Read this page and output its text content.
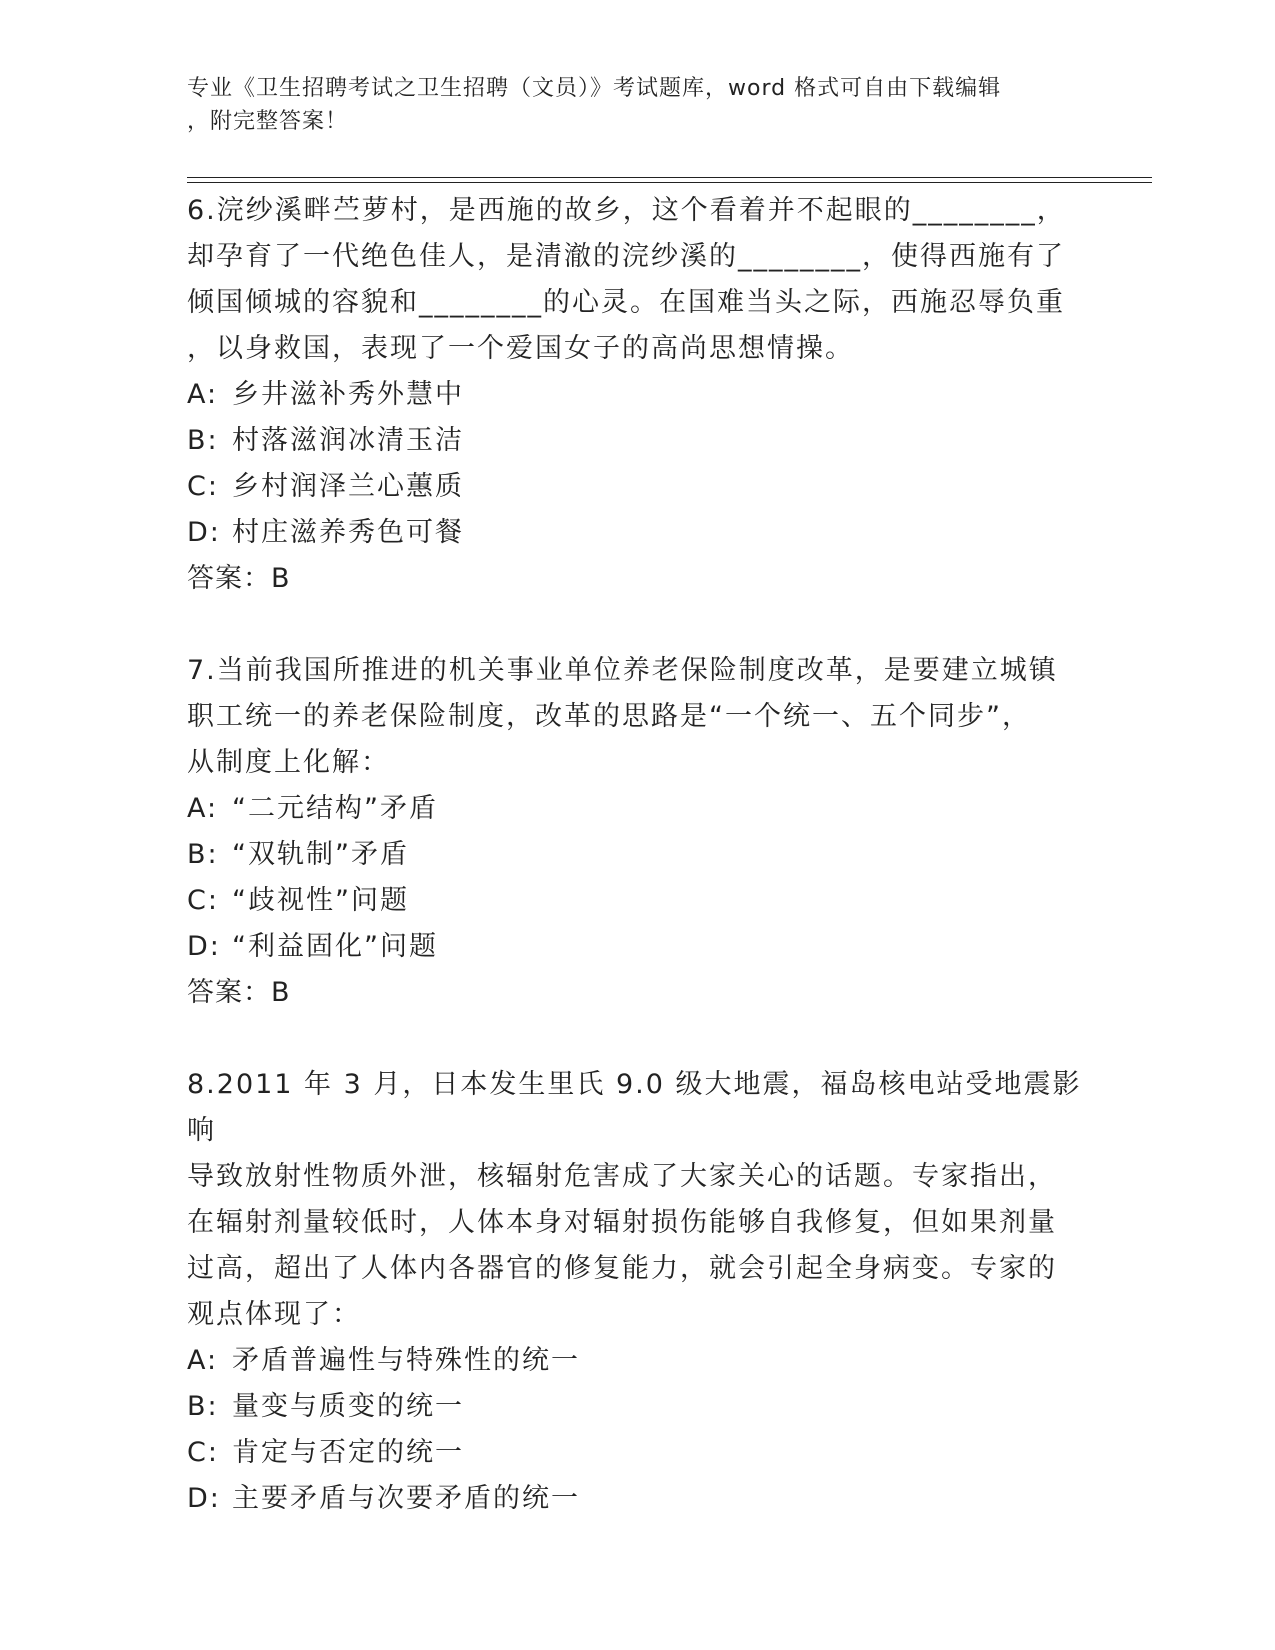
专业《卫生招聘考试之卫生招聘（文员）》考试题库，word 格式可自由下载编辑
，附完整答案！
6.浣纱溪畔苎萝村，是西施的故乡，这个看着并不起眼的________，
却孕育了一代绝色佳人，是清澈的浣纱溪的________，使得西施有了
倾国倾城的容貌和________的心灵。在国难当头之际，西施忍辱负重
，以身救国，表现了一个爱国女子的高尚思想情操。
A: 乡井滋补秀外慧中
B: 村落滋润冰清玉洁
C: 乡村润泽兰心蕙质
D: 村庄滋养秀色可餐
答案：B
7.当前我国所推进的机关事业单位养老保险制度改革，是要建立城镇
职工统一的养老保险制度，改革的思路是“一个统一、五个同步”，
从制度上化解：
A: “二元结构”矛盾
B: “双轨制”矛盾
C: “歧视性”问题
D: “利益固化”问题
答案：B
8.2011 年 3 月，日本发生里氏 9.0 级大地震，福岛核电站受地震影响
导致放射性物质外泄，核辐射危害成了大家关心的话题。专家指出，
在辐射剂量较低时，人体本身对辐射损伤能够自我修复，但如果剂量
过高，超出了人体内各器官的修复能力，就会引起全身病变。专家的
观点体现了：
A: 矛盾普遍性与特殊性的统一
B: 量变与质变的统一
C: 肯定与否定的统一
D: 主要矛盾与次要矛盾的统一
